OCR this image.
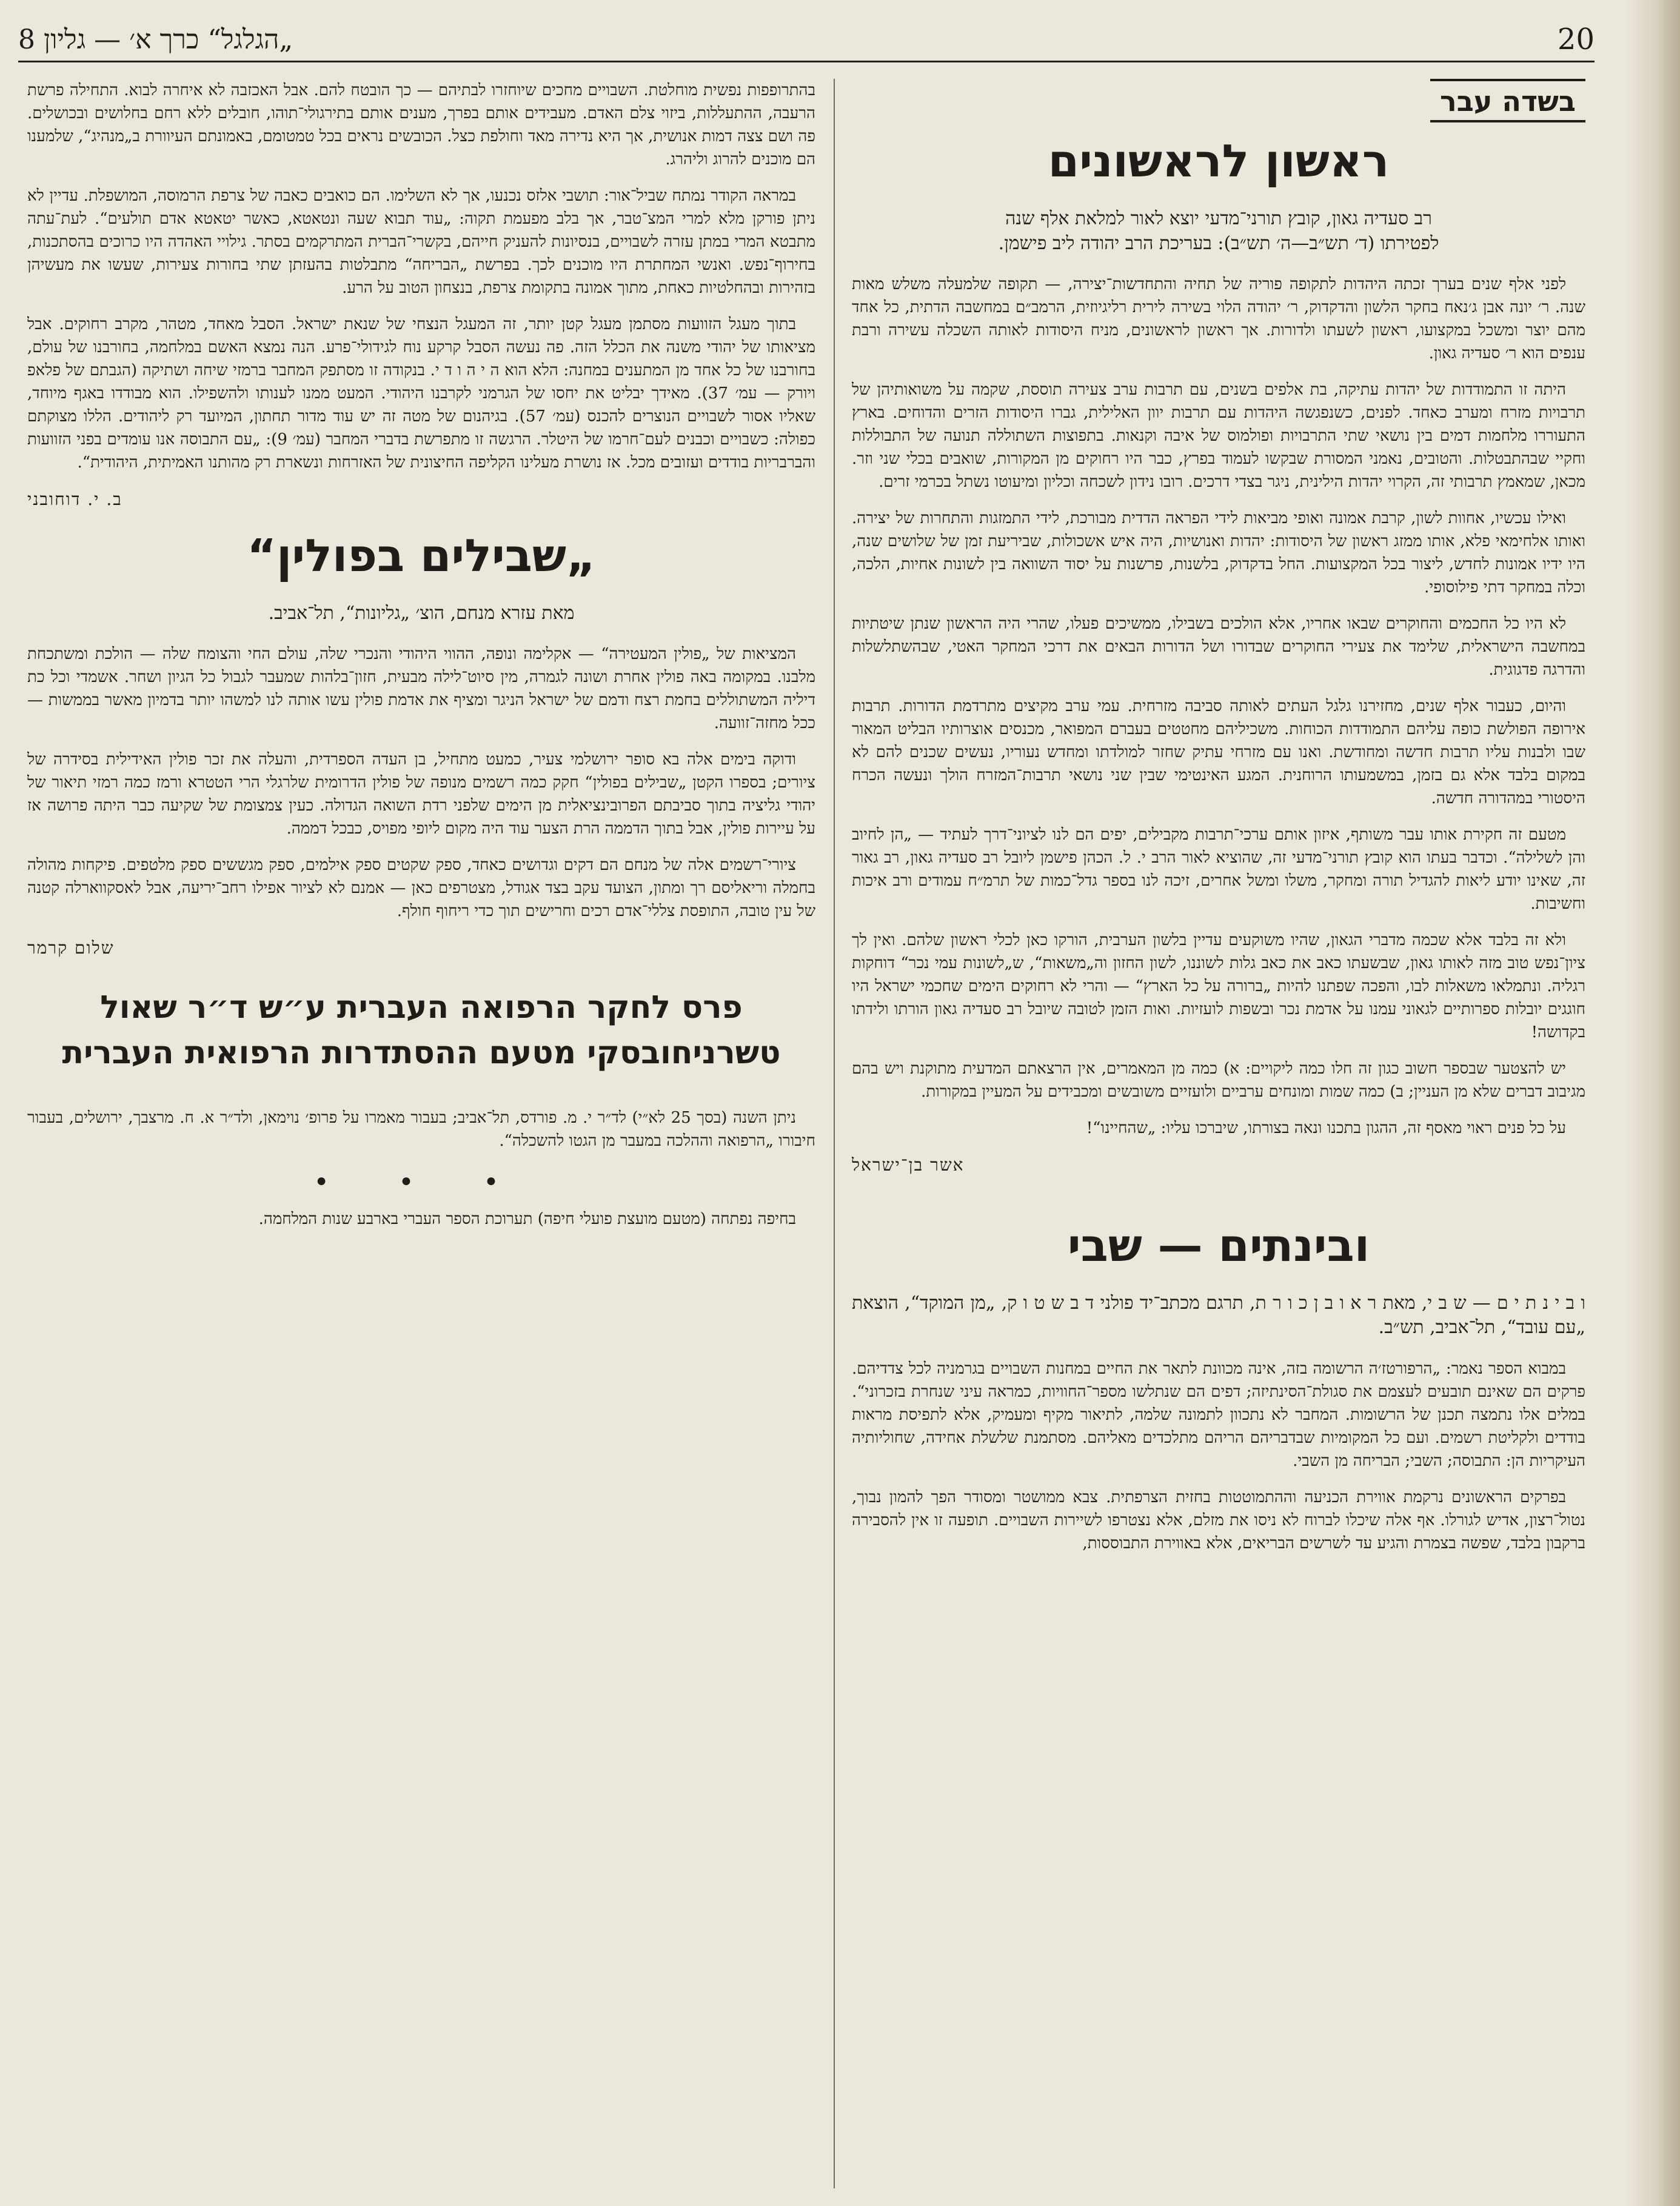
„הגלגל“ כרך א׳ — גליון 8	20
בשדה עבר
ראשון לראשונים

רב סעדיה גאון, קובץ תורני־מדעי יוצא לאור למלאת אלף שנה

לפטירתו (ד׳ תש״ב—ה׳ תש״ב): בעריכת הרב יהודה ליב פישמן.

לפני אלף שנים בערך זכתה היהדות לתקופה פוריה של תחיה והתחדשות־יצירה, — תקופה שלמעלה משלש מאות שנה. ר׳ יונה אבן ג׳נאח בחקר הלשון והדקדוק, ר׳ יהודה הלוי בשירה לירית רליגיוזית, הרמב״ם במחשבה הדתית, כל אחד מהם יוצר ומשכל במקצועו, ראשון לשעתו ולדורות. אך ראשון לראשונים, מניח היסודות לאותה השכלה עשירה ורבת ענפים הוא ר׳ סעדיה גאון.

היתה זו התמודדות של יהדות עתיקה, בת אלפים בשנים, עם תרבות ערב צעירה תוססת, שקמה על משואותיהן של תרבויות מזרח ומערב כאחד. לפנים, כשנפגשה היהדות עם תרבות יוון האלילית, גברו היסודות הזרים והדוחים. בארץ התעוררו מלחמות דמים בין נושאי שתי התרבויות ופולמוס של איבה וקנאות. בתפוצות השתוללה תנועה של התבוללות וחקיי שבהתבטלות. והטובים, נאמני המסורת שבקשו לעמוד בפרץ, כבר היו רחוקים מן המקורות, שואבים בכלי שני וזר. מכאן, שמאמץ תרבותי זה, הקרוי יהדות הילינית, ניגר בצדי דרכים. רובו נידון לשכחה וכליון ומיעוטו נשתל בכרמי זרים.

ואילו עכשיו, אחוות לשון, קרבת אמונה ואופי מביאות לידי הפראה הדדית מבורכת, לידי התמזגות והתחרות של יצירה. ואותו אלחימאי פלא, אותו ממזג ראשון של היסודות: יהדות ואנושיות, היה איש אשכולות, שביריעת זמן של שלושים שנה, היו ידיו אמונות לחדש, ליצור בכל המקצועות. החל בדקדוק, בלשנות, פרשנות על יסוד השוואה בין לשונות אחיות, הלכה, וכלה במחקר דתי פילוסופי.

לא היו כל החכמים והחוקרים שבאו אחריו, אלא הולכים בשבילו, ממשיכים פעלו, שהרי היה הראשון שנתן שיטתיות במחשבה הישראלית, שלימד את צעירי החוקרים שבדורו ושל הדורות הבאים את דרכי המחקר האטי, שבהשתלשלות והדרגה פדגוגית.

והיום, כעבור אלף שנים, מחזירנו גלגל העתים לאותה סביבה מזרחית. עמי ערב מקיצים מתרדמת הדורות. תרבות אירופה הפולשת כופה עליהם התמודדות הכוחות. משכיליהם מחטטים בעברם המפואר, מכנסים אוצרותיו הבליט המאור שבו ולבנות עליו תרבות חדשה ומחודשת. ואנו עם מזרחי עתיק שחזר למולדתו ומחדש נעוריו, נעשים שכנים להם לא במקום בלבד אלא גם בזמן, במשמעותו הרוחנית. המגע האינטימי שבין שני נושאי תרבות־המזרח הולך ונעשה הכרח היסטורי במהדורה חדשה.

מטעם זה חקירת אותו עבר משותף, איזון אותם ערכי־תרבות מקבילים, יפים הם לנו לציוני־דרך לעתיד — „הן לחיוב והן לשלילה“. וכדבר בעתו הוא קובץ תורני־מדעי זה, שהוציא לאור הרב י. ל. הכהן פישמן ליובל רב סעדיה גאון, רב גאור זה, שאינו יודע ליאות להגדיל תורה ומחקר, משלו ומשל אחרים, זיכה לנו בספר גדל־כמות של תרמ״ח עמודים ורב איכות וחשיבות.

ולא זה בלבד אלא שכמה מדברי הגאון, שהיו משוקעים עדיין בלשון הערבית, הורקו כאן לכלי ראשון שלהם. ואין לך ציון־נפש טוב מזה לאותו גאון, שבשעתו כאב את כאב גלות לשוננו, לשון החזון וה„משאות“, ש„לשונות עמי נכר“ דוחקות רגליה. ונתמלאו משאלות לבו, והפכה שפתנו להיות „ברורה על כל הארץ“ — והרי לא רחוקים הימים שחכמי ישראל היו חוגגים יובלות ספרותיים לגאוני עמנו על אדמת נכר ובשפות לועזיות. ואות הזמן לטובה שיובל רב סעדיה גאון הורתו ולידתו בקדושה!

יש להצטער שבספר חשוב כגון זה חלו כמה ליקויים: א) כמה מן המאמרים, אין הרצאתם המדעית מתוקנת ויש בהם מגיבוב דברים שלא מן העניין; ב) כמה שמות ומונחים ערביים ולועזיים משובשים ומכבידים על המעיין במקורות.

על כל פנים ראוי מאסף זה, ההגון בתכנו ונאה בצורתו, שיברכו עליו: „שהחיינו“!

אשר בן־ישראל

ובינתים — שבי

ו ב י נ ת י ם — ש ב י, מאת ר א ו ב ן כ ו ר ת, תרגם מכתב־יד פולני ד ב ש ט ו ק, „מן המוקד“, הוצאת „עם עובד“, תל־אביב, תש״ב.

במבוא הספר נאמר: „הרפורטז׳ה הרשומה בזה, אינה מכוונת לתאר את החיים במחנות השבויים בגרמניה לכל צדדיהם. פרקים הם שאינם תובעים לעצמם את סגולת־הסינתיזה; דפים הם שנתלשו מספר־החוויות, כמראה עיני שנחרת בזכרוני“. במלים אלו נתמצה תכנן של הרשומות. המחבר לא נתכוון לתמונה שלמה, לתיאור מקיף ומעמיק, אלא לתפיסת מראות בודדים ולקליטת רשמים. ועם כל המקומיות שבדבריהם הריהם מתלכדים מאליהם. מסתמנת שלשלת אחידה, שחוליותיה העיקריות הן: התבוסה; השבי; הבריחה מן השבי.

בפרקים הראשונים נרקמת אווירת הכניעה וההתמוטטות בחזית הצרפתית. צבא ממושטר ומסודר הפך להמון נבוך, נטול־רצון, אדיש לגורלו. אף אלה שיכלו לברוח לא ניסו את מזלם, אלא נצטרפו לשיירות השבויים. תופעה זו אין להסבירה ברקבון בלבד, שפשה בצמרת והגיע עד לשרשים הבריאים, אלא באווירת התבוססות,

בהתרופפות נפשית מוחלטת. השבויים מחכים שיוחזרו לבתיהם — כך הובטח להם. אבל האכזבה לא איחרה לבוא. התחילה פרשת הרעבה, ההתעללות, ביזוי צלם האדם. מעבידים אותם בפרך, מענים אותם בתירגולי־תוהו, חובלים ללא רחם בחלושים ובכושלים. פה ושם צצה דמות אנושית, אך היא נדירה מאד וחולפת כצל. הכובשים נראים בכל טמטומם, באמונתם העיוורת ב„מנהיג“, שלמענו הם מוכנים להרוג וליהרג.

במראה הקודר נמתח שביל־אור: תושבי אלזס נכנעו, אך לא השלימו. הם כואבים כאבה של צרפת הרמוסה, המושפלת. עדיין לא ניתן פורקן מלא למרי המצ־טבר, אך בלב מפעמת תקוה: „עוד תבוא שעה ונטאטא, כאשר יטאטא אדם תולעים“. לעת־עתה מתבטא המרי במתן עזרה לשבויים, בנסיונות להעניק חייהם, בקשרי־הברית המתרקמים בסתר. גילויי האהדה היו כרוכים בהסתכנות, בחירוף־נפש. ואנשי המחתרת היו מוכנים לכך. בפרשת „הבריחה“ מתבלטות בהעזתן שתי בחורות צעירות, שעשו את מעשיהן בזהירות ובהחלטיות כאחת, מתוך אמונה בתקומת צרפת, בנצחון הטוב על הרע.

בתוך מעגל הזוועות מסתמן מעגל קטן יותר, זה המעגל הנצחי של שנאת ישראל. הסבל מאחד, מטהר, מקרב רחוקים. אבל מציאותו של יהודי משנה את הכלל הזה. פה נעשה הסבל קרקע נוח לגידולי־פרע. הנה נמצא האשם במלחמה, בחורבנו של עולם, בחורבנו של כל אחד מן המתענים במחנה: הלא הוא ה י ה ו ד י. בנקודה זו מסתפק המחבר ברמזי שיחה ושתיקה (הגבתם של פלאפ ויורק — עמ׳ 37). מאידך יבליט את יחסו של הגרמני לקרבנו היהודי. המעט ממנו לענותו ולהשפילו. הוא מבודדו באגף מיוחד, שאליו אסור לשבויים הנוצרים להכנס (עמ׳ 57). בגיהנום של מטה זה יש עוד מדור תחתון, המיועד רק ליהודים. הללו מצוקתם כפולה: כשבויים וכבנים לעם־חרמו של היטלר. הרגשה זו מתפרשת בדברי המחבר (עמ׳ 9): „עם התבוסה אנו עומדים בפני הזוועות והברבריות בודדים ועזובים מכל. אז נושרת מעלינו הקליפה החיצונית של האזרחות ונשארת רק מהותנו האמיתית, היהודית“.

ב. י. דוחובני

„שבילים בפולין“

מאת עזרא מנחם, הוצ׳ „גליונות“, תל־אביב.

המציאות של „פולין המעטירה“ — אקלימה ונופה, ההווי היהודי והנכרי שלה, עולם החי והצומח שלה — הולכת ומשתכחת מלבנו. במקומה באה פולין אחרת ושונה לגמרה, מין סיוט־לילה מבעית, חזון־בלהות שמעבר לגבול כל הגיון ושחר. אשמדי וכל כת דיליה המשתוללים בחמת רצח ודמם של ישראל הניגר ומציף את אדמת פולין עשו אותה לנו למשהו יותר בדמיון מאשר בממשות — ככל מחזה־זוועה.

ודוקה בימים אלה בא סופר ירושלמי צעיר, כמעט מתחיל, בן העדה הספרדית, והעלה את זכר פולין האידילית בסידרה של ציורים; בספרו הקטן „שבילים בפולין“ חקק כמה רשמים מנופה של פולין הדרומית שלרגלי הרי הטטרא ורמז כמה רמזי תיאור של יהודי גליציה בתוך סביבתם הפרובינציאלית מן הימים שלפני רדת השואה הגדולה. כעין צמצומת של שקיעה כבר היתה פרושה אז על עיירות פולין, אבל בתוך הדממה הרת הצער עוד היה מקום ליופי מפויס, כבכל דממה.

ציורי־רשמים אלה של מנחם הם דקים וגדושים כאחד, ספק שקטים ספק אילמים, ספק מגששים ספק מלטפים. פיקחות מהולה בחמלה וריאליסם רך ומתון, הצועד עקב בצד אגודל, מצטרפים כאן — אמנם לא לציור אפילו רחב־יריעה, אבל לאסקווארלה קטנה של עין טובה, התופסת צללי־אדם רכים וחרישים תוך כדי ריחוף חולף.

שלום קרמר

פרס לחקר הרפואה העברית ע״ש ד״ר שאול טשרניחובסקי מטעם ההסתדרות הרפואית העברית

ניתן השנה (בסך 25 לא״י) לד״ר י. מ. פורדס, תל־אביב; בעבור מאמרו על פרופ׳ נוימאן, ולד״ר א. ח. מרצבך, ירושלים, בעבור חיבורו „הרפואה וההלכה במעבר מן הגטו להשכלה“.

• • •

בחיפה נפתחה (מטעם מועצת פועלי חיפה) תערוכת הספר העברי בארבע שנות המלחמה.
